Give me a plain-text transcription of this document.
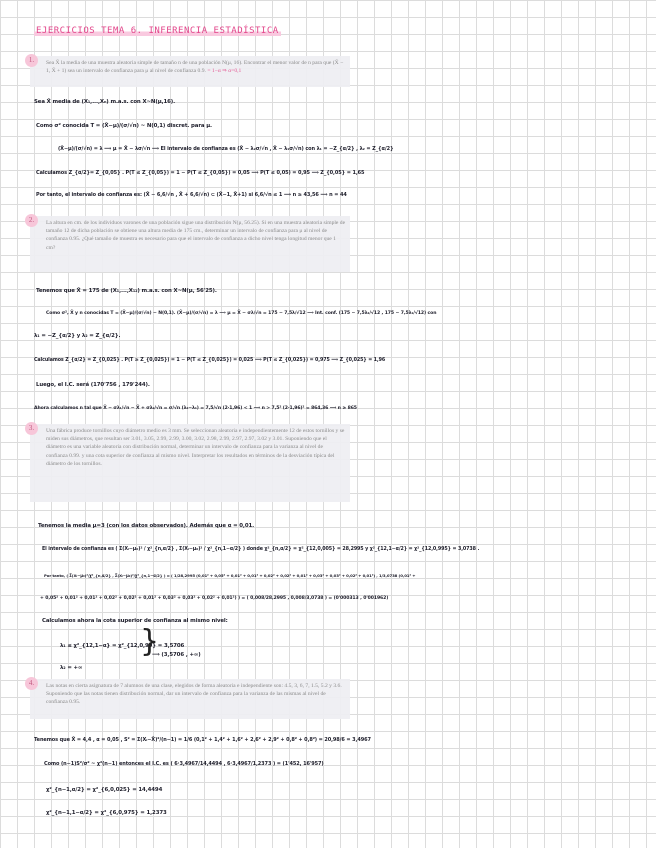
EJERCICIOS TEMA 6. INFERENCIA ESTADÍSTICA
1.	Sea X̄ la media de una muestra aleatoria simple de tamaño n de una población N(μ, 16). Encontrar el menor valor de n para que (X̄ − 1, X̄ + 1) sea un intervalo de confianza para μ al nivel de confianza 0.9. = 1−α ⇒ α=0,1
Sea X̄ media de (X₁,...,Xₙ) m.a.s. con X~N(μ,16).
Como σ² conocida T = (X̄−μ)/(σ/√n) ~ N(0,1) discret. para μ.
(X̄−μ)/(σ/√n) = λ ⟹ μ = X̄ − λσ/√n ⟹ El intervalo de confianza es (X̄ − λ₂σ/√n , X̄ − λ₁σ/√n) con λ₁ = −Z_{α/2} , λ₂ = Z_{α/2}
Calculamos Z_{α/2}= Z_{0,05} . P(T ≤ Z_{0,05}) = 1 − P(T ≤ Z_{0,05}) = 0,05 ⟹ P(T ≤ 0,05) = 0,95 ⟹ Z_{0,05} = 1,65
Por tanto, el intervalo de confianza es: (X̄ − 6,6/√n , X̄ + 6,6/√n) ⊂ (X̄−1, X̄+1) si 6,6/√n ≤ 1 ⟹ n ≥ 43,56 ⟹ n = 44
2.	La altura en cm. de los individuos varones de una población sigue una distribución N(μ, 56.25). Si en una muestra aleatoria simple de tamaño 12 de dicha población se obtiene una altura media de 175 cm., determinar un intervalo de confianza para μ al nivel de confianza 0.95. ¿Qué tamaño de muestra es necesario para que el intervalo de confianza a dicho nivel tenga longitud menor que 1 cm?
Tenemos que X̄ = 175 de (X₁,...,X₁₂) m.a.s. con X~N(μ, 56'25).
Como σ², X̄ y n conocidas T = (X̄−μ)/(σ/√n) ~ N(0,1). (X̄−μ)/(σ/√n) = λ ⟹ μ = X̄ − σλ/√n = 175 − 7,5λ/√12 ⟹ Int. conf. (175 − 7,5λ₂/√12 , 175 − 7,5λ₁/√12) con
λ₁ = −Z_{α/2} y λ₂ = Z_{α/2}.
Calculamos Z_{α/2} = Z_{0,025} . P(T ≥ Z_{0,025}) = 1 − P(T ≤ Z_{0,025}) = 0,025 ⟹ P(T ≤ Z_{0,025}) = 0,975 ⟹ Z_{0,025} = 1,96
Luego, el I.C. será (170'756 , 179'244).
Ahora calculamos n tal que X̄ − σλ₁/√n − X̄ + σλ₂/√n = σ/√n (λ₂−λ₁) = 7,5/√n (2·1,96) < 1 ⟹ n > 7,5² (2·1,96)² = 864,36 ⟹ n ≥ 865
3.	Una fábrica produce tornillos cuyo diámetro medio es 3 mm. Se seleccionan aleatoria e independientemente 12 de estos tornillos y se miden sus diámetros, que resultan ser 3.01, 3.05, 2.99, 2.99, 3.00, 3.02, 2.98, 2.99, 2.97, 2.97, 3.02 y 3.01. Suponiendo que el diámetro es una variable aleatoria con distribución normal, determinar un intervalo de confianza para la varianza al nivel de confianza 0.99. y una cota superior de confianza al mismo nivel. Interpretar los resultados en términos de la desviación típica del diámetro de los tornillos.
Tenemos la media μ=3 (con los datos observados). Además que α = 0,01.
El intervalo de confianza es ( Σ(Xᵢ−μ₀)² / χ²_{n,α/2} , Σ(Xᵢ−μ₀)² / χ²_{n,1−α/2} ) donde χ²_{n,α/2} = χ²_{12,0,005} = 28,2995 y χ²_{12,1−α/2} = χ²_{12,0,995} = 3,0738 .
Por tanto, ( Σ(Xᵢ−μ₀)²/χ²_{n,α/2} , Σ(Xᵢ−μ₀)²/χ²_{n,1−α/2} ) = ( 1/28,2995 (0,01² + 0,05² + 0,01² + 0,01² + 0,02² + 0,02² + 0,01² + 0,03² + 0,03² + 0,02² + 0,01²) , 1/3,0738 (0,01² +
+ 0,05² + 0,01² + 0,01² + 0,02² + 0,02² + 0,01² + 0,03² + 0,03² + 0,02² + 0,01²) ) = ( 0,008/28,2995 , 0,008/3,0738 ) = (0'000313 , 0'001962)
Calculamos ahora la cota superior de confianza al mismo nivel:
λ₁ ≤ χ²_{12,1−α} = χ²_{12,0,99} = 3,5706
λ₂ = +∞
}
⟹ (3,5706 , +∞)
4.	Las notas en cierta asignatura de 7 alumnos de una clase, elegidos de forma aleatoria e independiente son: 4.5, 3, 6, 7, 1.5, 5.2 y 3.6. Suponiendo que las notas tienen distribución normal, dar un intervalo de confianza para la varianza de las mismas al nivel de confianza 0.95.
Tenemos que X̄ = 4,4 , α = 0,05 , S² = Σ(Xᵢ−X̄)²/(n−1) = 1/6 (0,1² + 1,4² + 1,6² + 2,6² + 2,9² + 0,8² + 0,8²) = 20,98/6 = 3,4967
Como (n−1)S²/σ² ~ χ²(n−1) entonces el I.C. es ( 6·3,4967/14,4494 , 6·3,4967/1,2373 ) = (1'452, 16'957)
χ²_{n−1,α/2} = χ²_{6,0,025} = 14,4494
χ²_{n−1,1−α/2} = χ²_{6,0,975} = 1,2373
